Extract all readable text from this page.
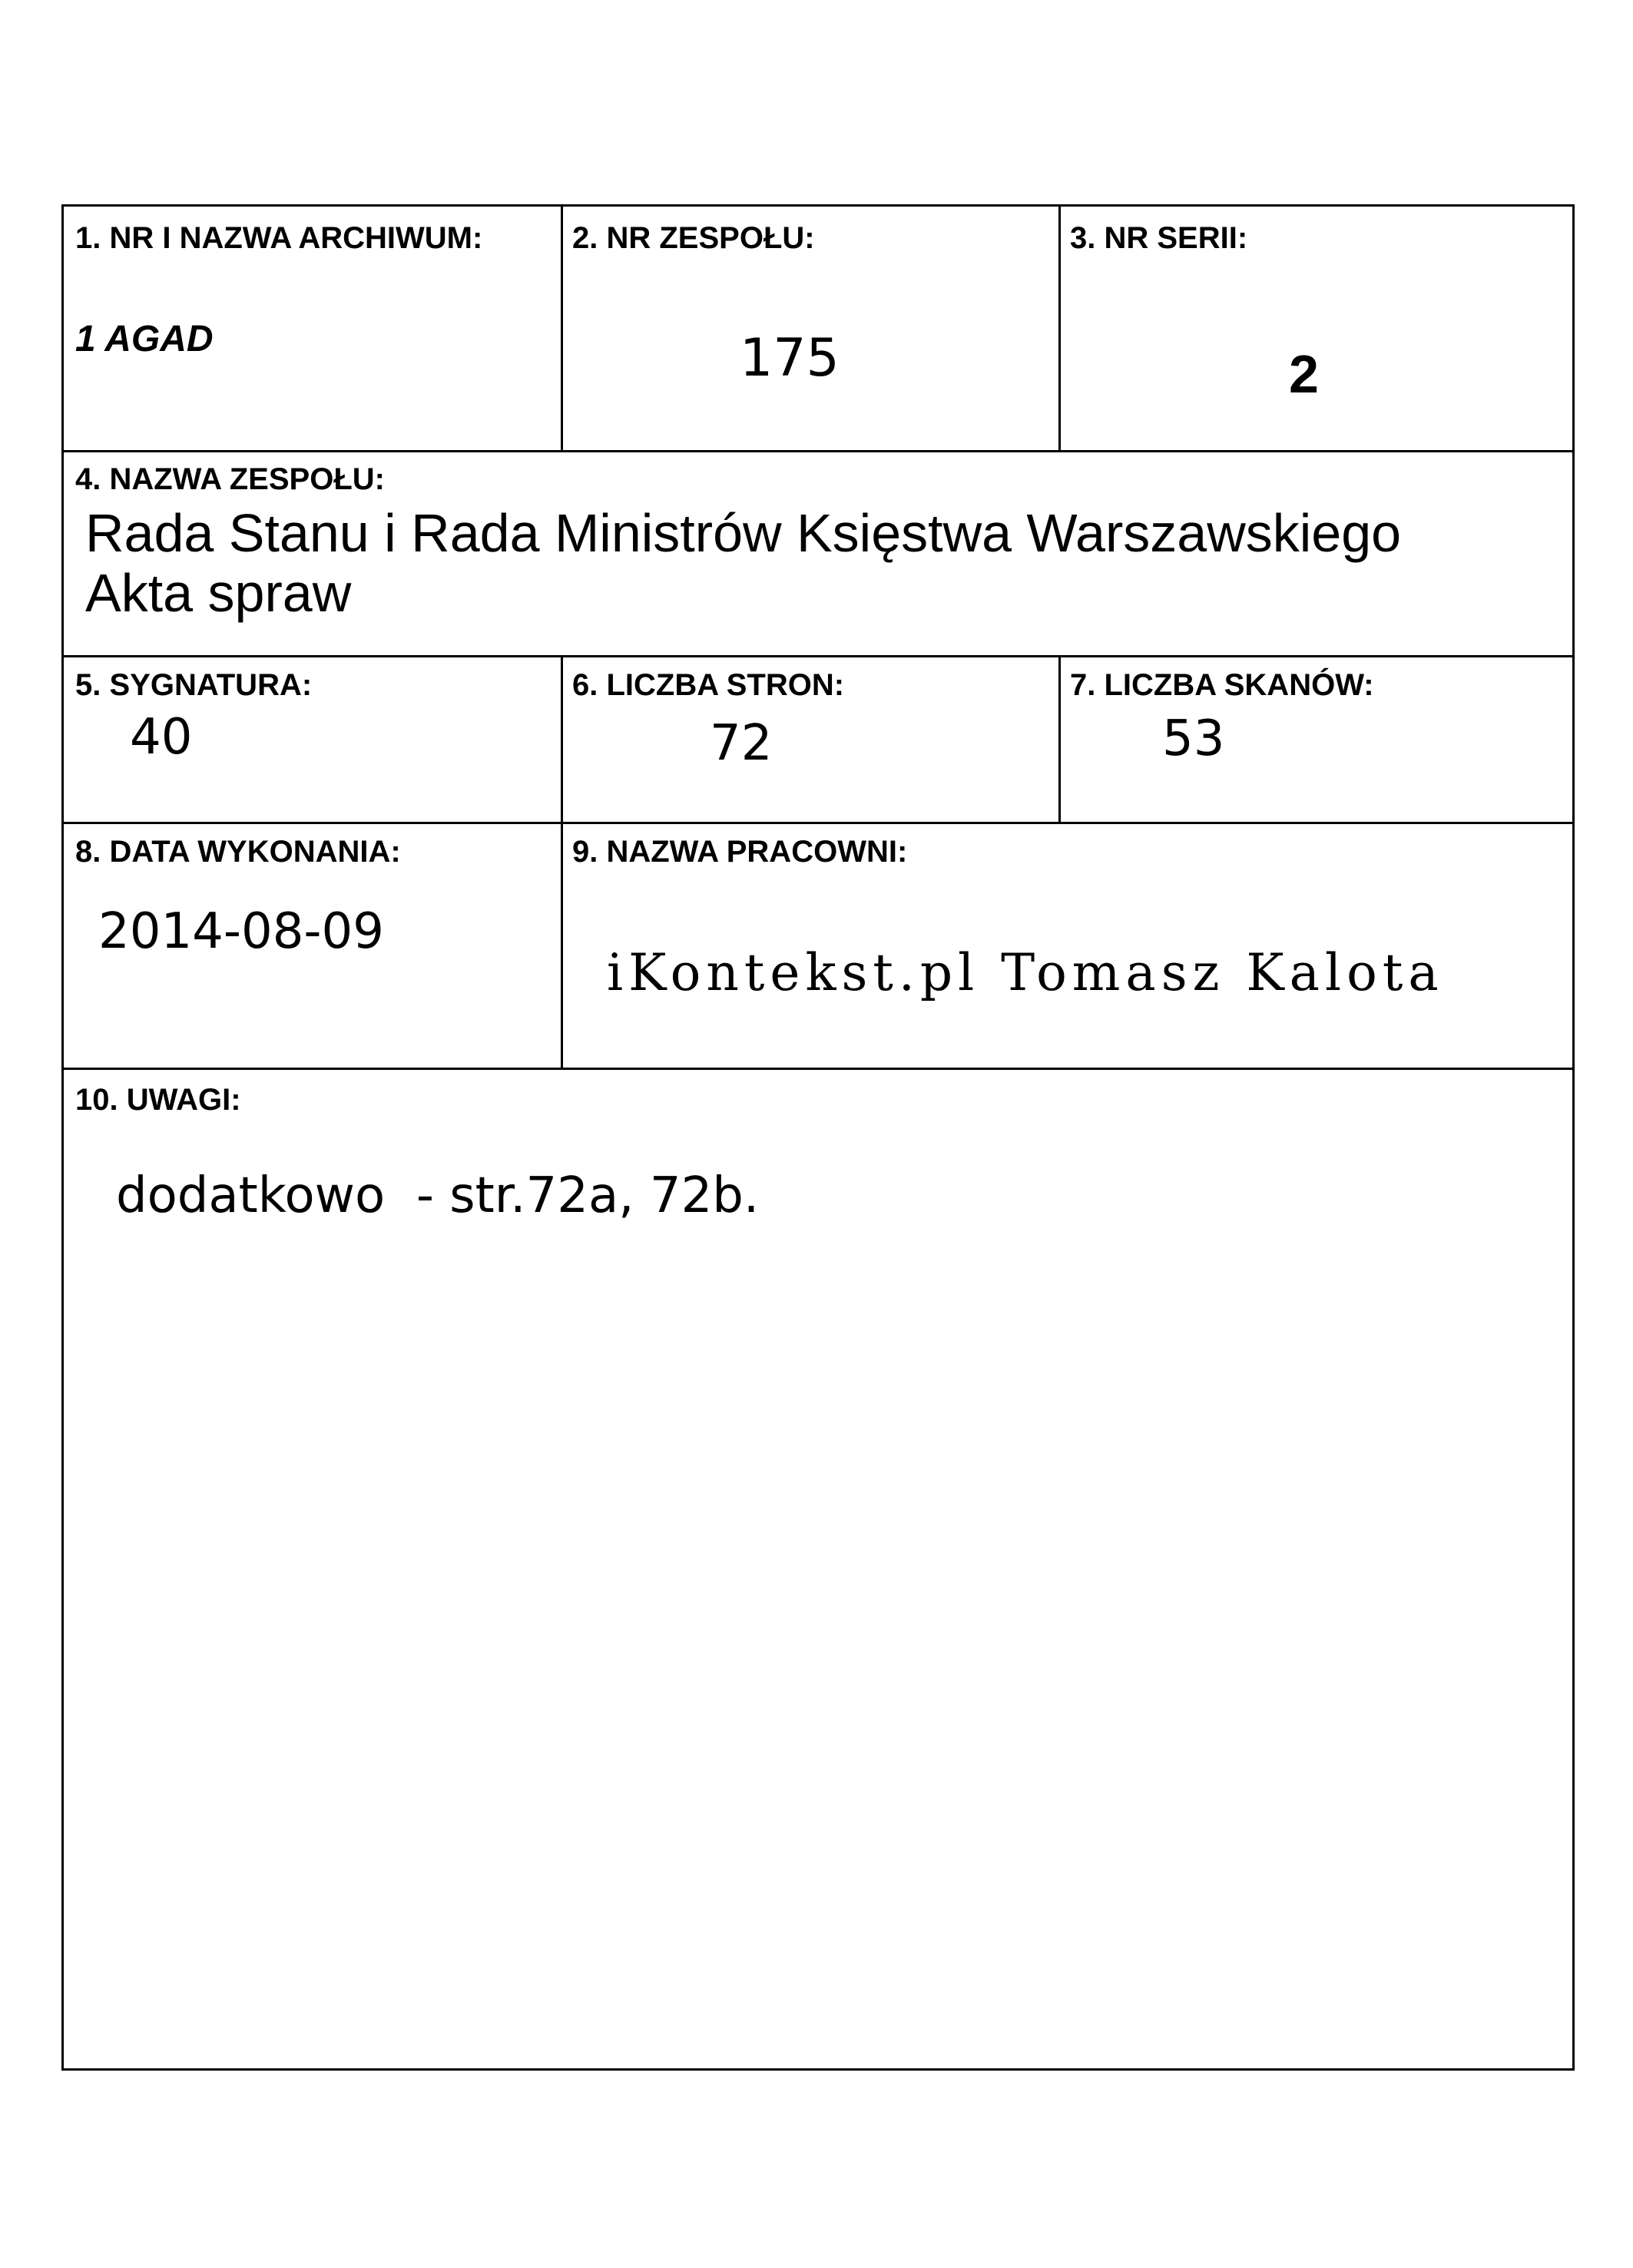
1. NR I NAZWA ARCHIWUM:
1 AGAD
2. NR ZESPOŁU:
175
3. NR SERII:
2
4. NAZWA ZESPOŁU:
Rada Stanu i Rada Ministrów Księstwa Warszawskiego
Akta spraw
5. SYGNATURA:
40
6. LICZBA STRON:
72
7. LICZBA SKANÓW:
53
8. DATA WYKONANIA:
2014-08-09
9. NAZWA PRACOWNI:
iKontekst.pl Tomasz Kalota
10. UWAGI:
dodatkowo  - str.72a, 72b.
